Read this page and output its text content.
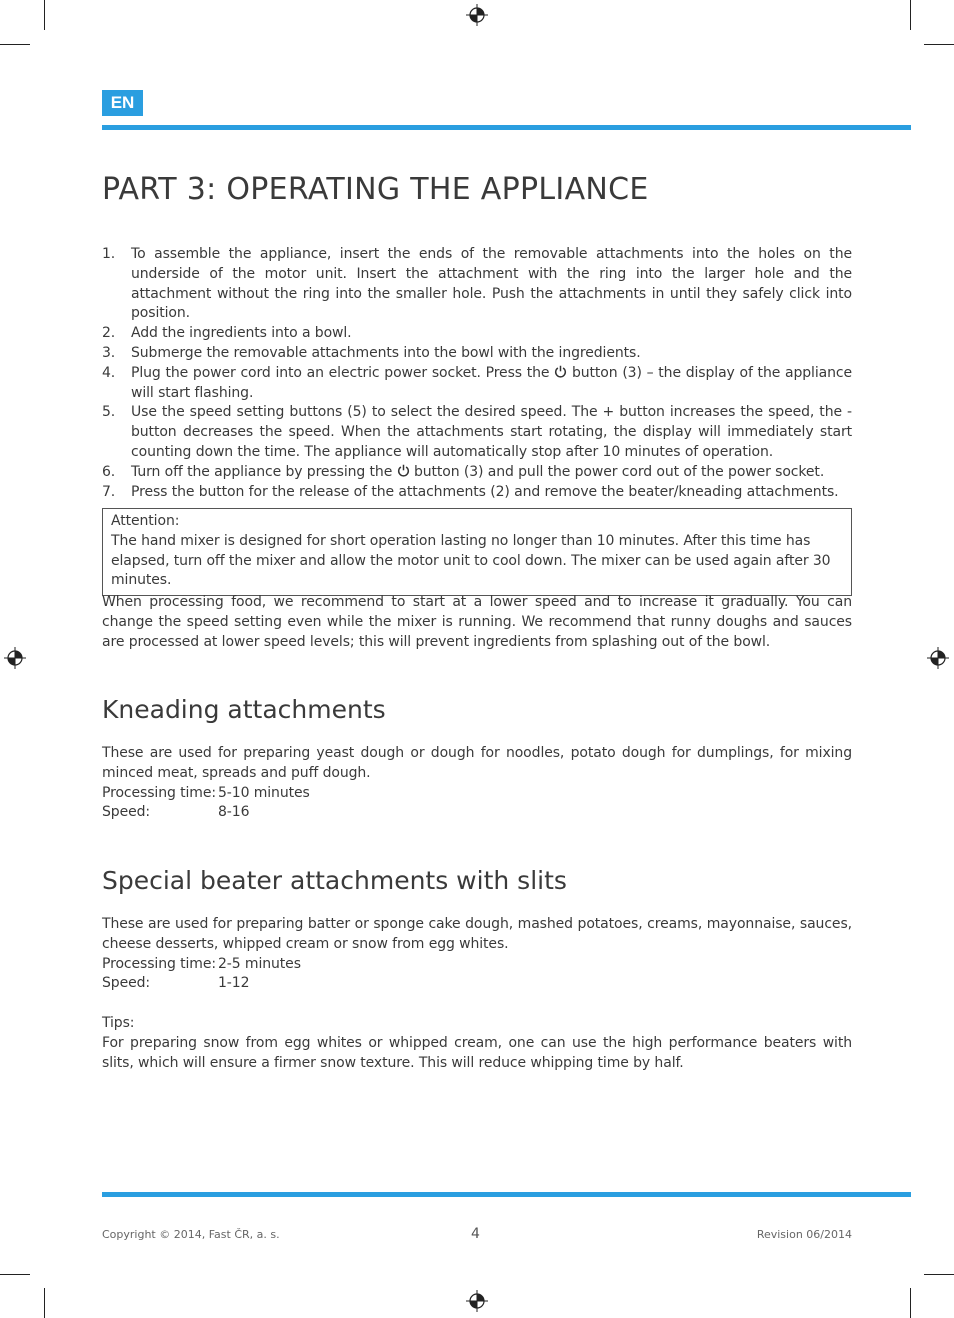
EN
PART 3: OPERATING THE APPLIANCE
1. To assemble the appliance, insert the ends of the removable attachments into the holes on the underside of the motor unit. Insert the attachment with the ring into the larger hole and the attachment without the ring into the smaller hole. Push the attachments in until they safely click into position.
2. Add the ingredients into a bowl.
3. Submerge the removable attachments into the bowl with the ingredients.
4. Plug the power cord into an electric power socket. Press the button (3) – the display of the appliance will start flashing.
5. Use the speed setting buttons (5) to select the desired speed. The + button increases the speed, the - button decreases the speed. When the attachments start rotating, the display will immediately start counting down the time. The appliance will automatically stop after 10 minutes of operation.
6. Turn off the appliance by pressing the button (3) and pull the power cord out of the power socket.
7. Press the button for the release of the attachments (2) and remove the beater/kneading attachments.
Attention:
The hand mixer is designed for short operation lasting no longer than 10 minutes. After this time has elapsed, turn off the mixer and allow the motor unit to cool down. The mixer can be used again after 30 minutes.

When processing food, we recommend to start at a lower speed and to increase it gradually. You can change the speed setting even while the mixer is running. We recommend that runny doughs and sauces are processed at lower speed levels; this will prevent ingredients from splashing out of the bowl.

Kneading attachments
These are used for preparing yeast dough or dough for noodles, potato dough for dumplings, for mixing minced meat, spreads and puff dough.
Processing time: 5-10 minutes
Speed:	8-16
Special beater attachments with slits
These are used for preparing batter or sponge cake dough, mashed potatoes, creams, mayonnaise, sauces, cheese desserts, whipped cream or snow from egg whites.
Processing time: 2-5 minutes
Speed:	1-12
Tips:
For preparing snow from egg whites or whipped cream, one can use the high performance beaters with slits, which will ensure a firmer snow texture. This will reduce whipping time by half.
Copyright © 2014, Fast ČR, a. s.	4	Revision 06/2014
